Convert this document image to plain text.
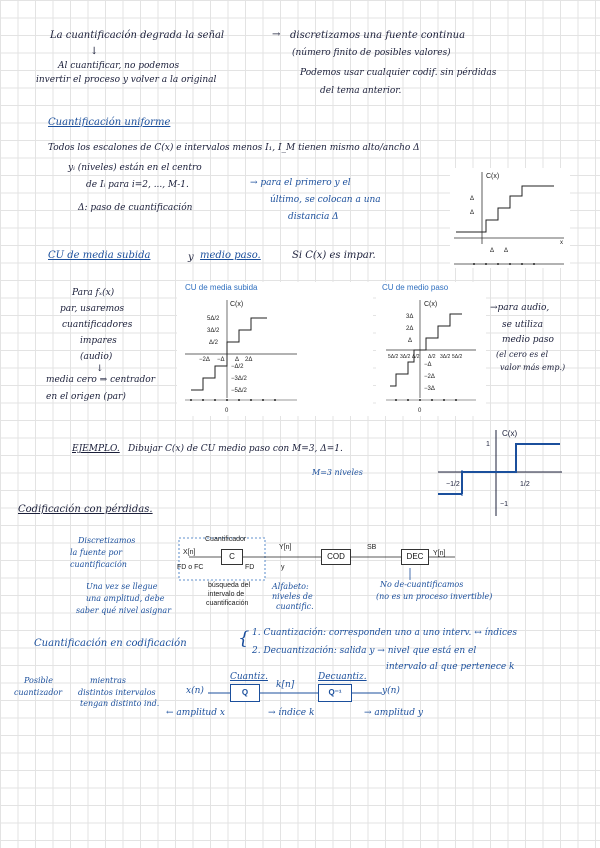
La cuantificación degrada la señal	→ discretizamos una fuente continua
(número finito de posibles valores)
Podemos usar cualquier codif. sin pérdidas
del tema anterior.
↓
Al cuantificar, no podemos
invertir el proceso y volver a la original
Cuantificación uniforme
Todos los escalones de C(x) e intervalos menos I₁, I_M tienen mismo alto/ancho Δ
yᵢ (niveles) están en el centro
de Iᵢ para i=2, ..., M-1.	→ para el primero y el
último, se colocan a una
distancia Δ
Δ: paso de cuantificación
C(x)
x
Δ
Δ
Δ Δ
CU de media subida	y medio paso.	Si C(x) es impar.
Para fₓ(x)
par, usaremos
cuantificadores
impares
(audio)
↓
media cero ⇒ centrador
en el origen (par)
CU de media subida
C(x)
5Δ/2
3Δ/2
Δ/2
−Δ/2
−3Δ/2
−5Δ/2
−2Δ −Δ Δ 2Δ
0
CU de medio paso
C(x)
3Δ
2Δ
Δ
−Δ
−2Δ
−3Δ
5Δ/2 3Δ/2 Δ/2 Δ/2 3Δ/2 5Δ/2
0
→para audio,
se utiliza
medio paso
(el cero es el
valor más emp.)
EJEMPLO. Dibujar C(x) de CU medio paso con M=3, Δ=1.
M=3 niveles
C(x)
1
−1
−1/2	1/2
Codificación con pérdidas.
Discretizamos
la fuente por
cuantificación
Cuantificador
X[n]	C
FD o FC	FD
Y[n]
y
COD
SB
DEC	Y[n]
búsqueda del
intervalo de
cuantificación
Una vez se llegue
una amplitud, debe
saber qué nivel asignar
Alfabeto:
niveles de
cuantific.
No de-cuantificamos
(no es un proceso invertible)
Cuantificación en codificación	{ 1. Cuantización: corresponden uno a uno interv. ↔ índices
2. Decuantización: salida y → nivel que está en el
intervalo al que pertenece k
Posible
cuantizador
mientras
distintos intervalos
tengan distinto ind.
Cuantiz.	Decuantiz.
x(n)	Q
k[n]
Q⁻¹	y(n)
← amplitud x	→ índice k	→ amplitud y
